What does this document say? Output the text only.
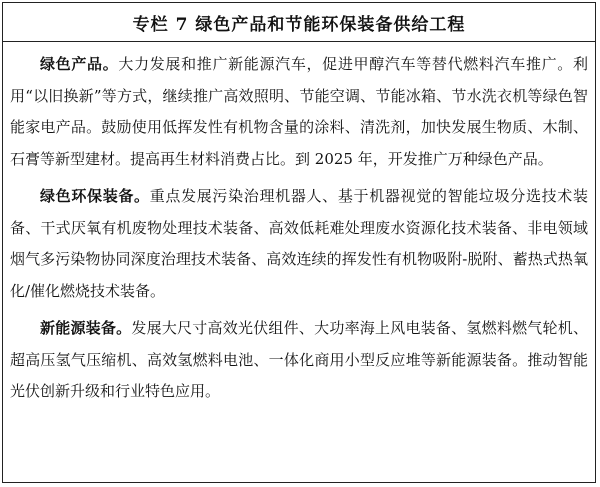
专栏 7 绿色产品和节能环保装备供给工程

绿色产品。大力发展和推广新能源汽车，促进甲醇汽车等替代燃料汽车推广。利用“以旧换新”等方式，继续推广高效照明、节能空调、节能冰箱、节水洗衣机等绿色智能家电产品。鼓励使用低挥发性有机物含量的涂料、清洗剂，加快发展生物质、木制、石膏等新型建材。提高再生材料消费占比。到 2025 年，开发推广万种绿色产品。

绿色环保装备。重点发展污染治理机器人、基于机器视觉的智能垃圾分选技术装备、干式厌氧有机废物处理技术装备、高效低耗难处理废水资源化技术装备、非电领域烟气多污染物协同深度治理技术装备、高效连续的挥发性有机物吸附-脱附、蓄热式热氧化/催化燃烧技术装备。

新能源装备。发展大尺寸高效光伏组件、大功率海上风电装备、氢燃料燃气轮机、超高压氢气压缩机、高效氢燃料电池、一体化商用小型反应堆等新能源装备。推动智能光伏创新升级和行业特色应用。
